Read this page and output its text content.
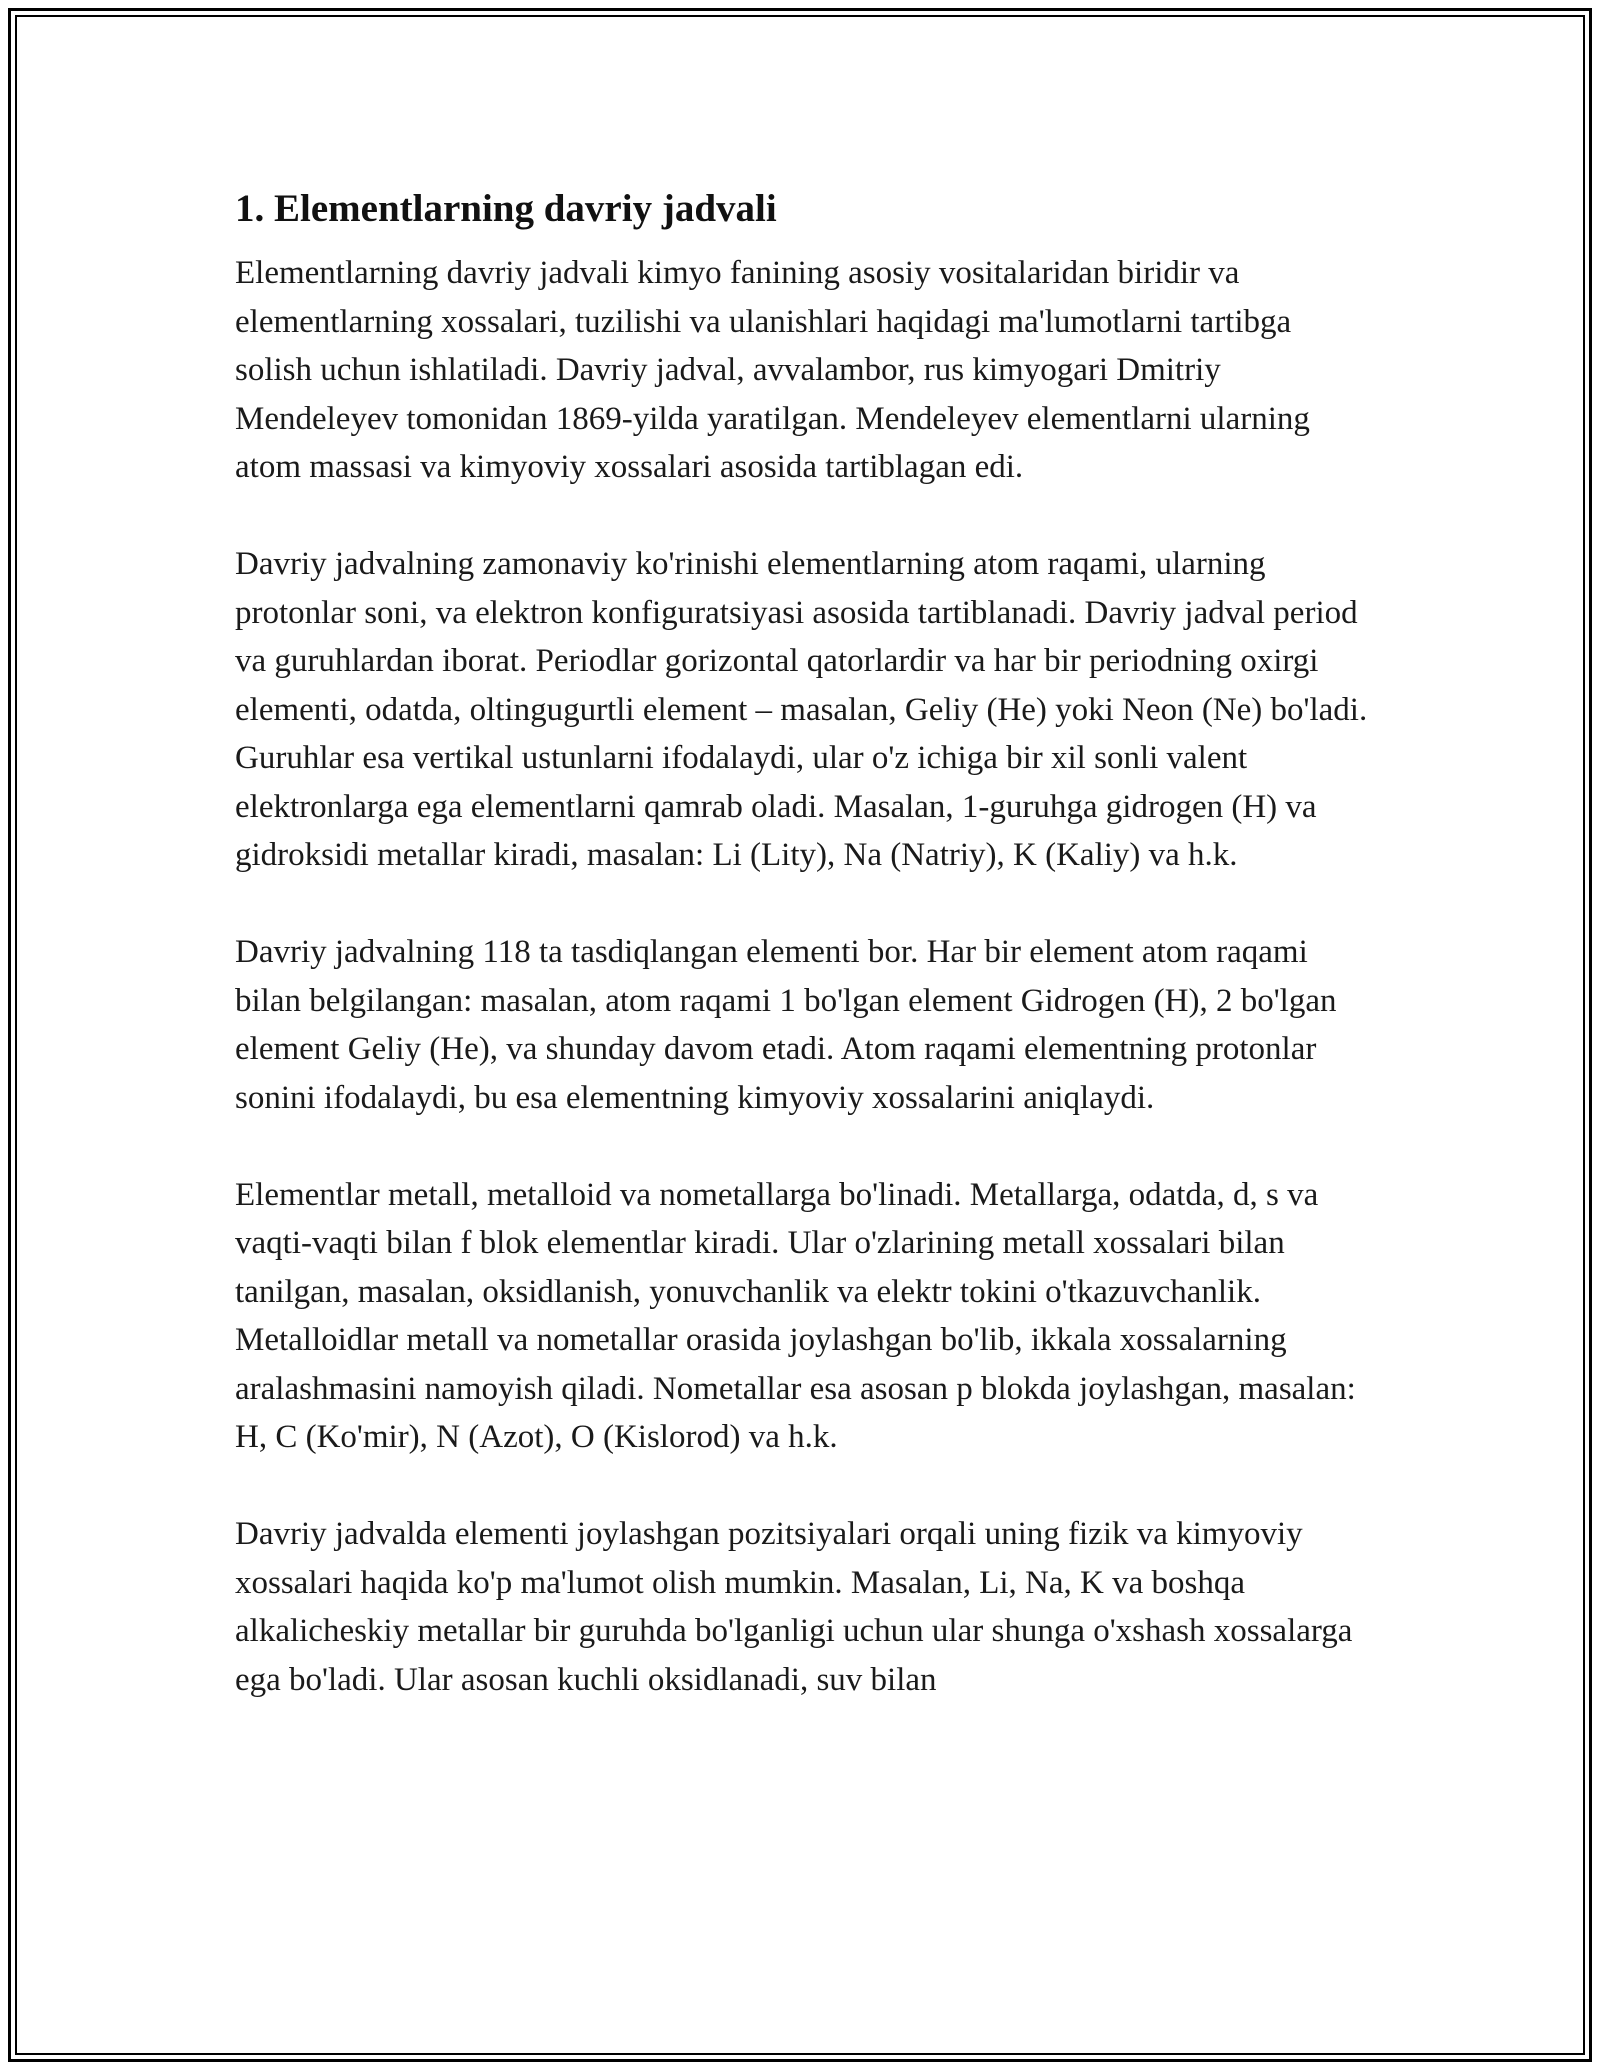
1. Elementlarning davriy jadvali

Elementlarning davriy jadvali kimyo fanining asosiy vositalaridan biridir va elementlarning xossalari, tuzilishi va ulanishlari haqidagi ma'lumotlarni tartibga solish uchun ishlatiladi. Davriy jadval, avvalambor, rus kimyogari Dmitriy Mendeleyev tomonidan 1869-yilda yaratilgan. Mendeleyev elementlarni ularning atom massasi va kimyoviy xossalari asosida tartiblagan edi.

Davriy jadvalning zamonaviy ko'rinishi elementlarning atom raqami, ularning protonlar soni, va elektron konfiguratsiyasi asosida tartiblanadi. Davriy jadval period va guruhlardan iborat. Periodlar gorizontal qatorlardir va har bir periodning oxirgi elementi, odatda, oltingugurtli element – masalan, Geliy (He) yoki Neon (Ne) bo'ladi. Guruhlar esa vertikal ustunlarni ifodalaydi, ular o'z ichiga bir xil sonli valent elektronlarga ega elementlarni qamrab oladi. Masalan, 1-guruhga gidrogen (H) va gidroksidi metallar kiradi, masalan: Li (Lity), Na (Natriy), K (Kaliy) va h.k.

Davriy jadvalning 118 ta tasdiqlangan elementi bor. Har bir element atom raqami bilan belgilangan: masalan, atom raqami 1 bo'lgan element Gidrogen (H), 2 bo'lgan element Geliy (He), va shunday davom etadi. Atom raqami elementning protonlar sonini ifodalaydi, bu esa elementning kimyoviy xossalarini aniqlaydi.

Elementlar metall, metalloid va nometallarga bo'linadi. Metallarga, odatda, d, s va vaqti-vaqti bilan f blok elementlar kiradi. Ular o'zlarining metall xossalari bilan tanilgan, masalan, oksidlanish, yonuvchanlik va elektr tokini o'tkazuvchanlik. Metalloidlar metall va nometallar orasida joylashgan bo'lib, ikkala xossalarning aralashmasini namoyish qiladi. Nometallar esa asosan p blokda joylashgan, masalan: H, C (Ko'mir), N (Azot), O (Kislorod) va h.k.

Davriy jadvalda elementi joylashgan pozitsiyalari orqali uning fizik va kimyoviy xossalari haqida ko'p ma'lumot olish mumkin. Masalan, Li, Na, K va boshqa alkalicheskiy metallar bir guruhda bo'lganligi uchun ular shunga o'xshash xossalarga ega bo'ladi. Ular asosan kuchli oksidlanadi, suv bilan
